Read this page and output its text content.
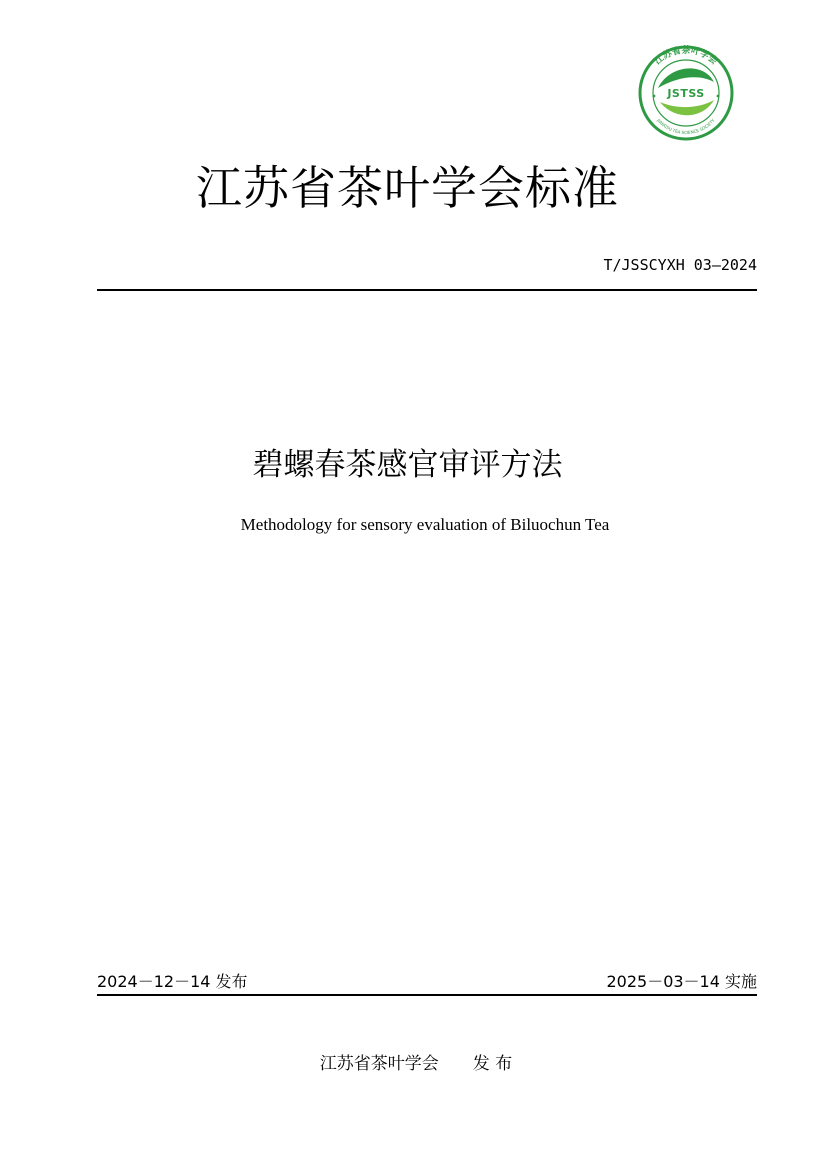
江苏省茶叶学会
JIANGSU TEA SCIENCE SOCIETY
JSTSS
江苏省茶叶学会标准
T/JSSCYXH 03—2024
碧螺春茶感官审评方法
Methodology for sensory evaluation of Biluochun Tea
2024－12－14 发布	2025－03－14 实施
江苏省茶叶学会 发 布
